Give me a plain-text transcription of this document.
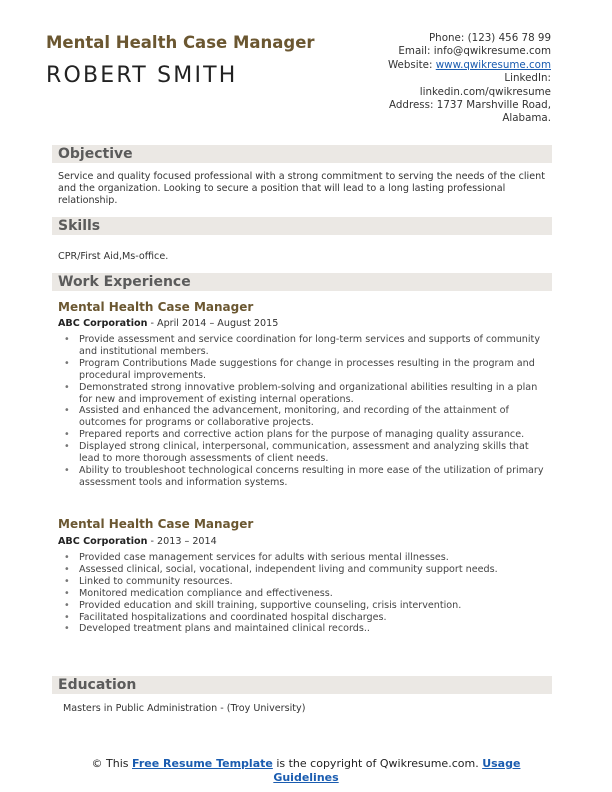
Mental Health Case Manager
ROBERT SMITH
Phone: (123) 456 78 99
Email: info@qwikresume.com
Website: www.qwikresume.com
LinkedIn:
linkedin.com/qwikresume
Address: 1737 Marshville Road,
Alabama.
Objective
Service and quality focused professional with a strong commitment to serving the needs of the client and the organization. Looking to secure a position that will lead to a long lasting professional relationship.
Skills
CPR/First Aid,Ms-office.
Work Experience
Mental Health Case Manager
ABC Corporation - April 2014 – August 2015
• Provide assessment and service coordination for long-term services and supports of community and institutional members.
• Program Contributions Made suggestions for change in processes resulting in the program and procedural improvements.
• Demonstrated strong innovative problem-solving and organizational abilities resulting in a plan for new and improvement of existing internal operations.
• Assisted and enhanced the advancement, monitoring, and recording of the attainment of outcomes for programs or collaborative projects.
• Prepared reports and corrective action plans for the purpose of managing quality assurance.
• Displayed strong clinical, interpersonal, communication, assessment and analyzing skills that lead to more thorough assessments of client needs.
• Ability to troubleshoot technological concerns resulting in more ease of the utilization of primary assessment tools and information systems.
Mental Health Case Manager
ABC Corporation - 2013 – 2014
• Provided case management services for adults with serious mental illnesses.
• Assessed clinical, social, vocational, independent living and community support needs.
• Linked to community resources.
• Monitored medication compliance and effectiveness.
• Provided education and skill training, supportive counseling, crisis intervention.
• Facilitated hospitalizations and coordinated hospital discharges.
• Developed treatment plans and maintained clinical records..
Education
Masters in Public Administration - (Troy University)
© This Free Resume Template is the copyright of Qwikresume.com. Usage Guidelines
